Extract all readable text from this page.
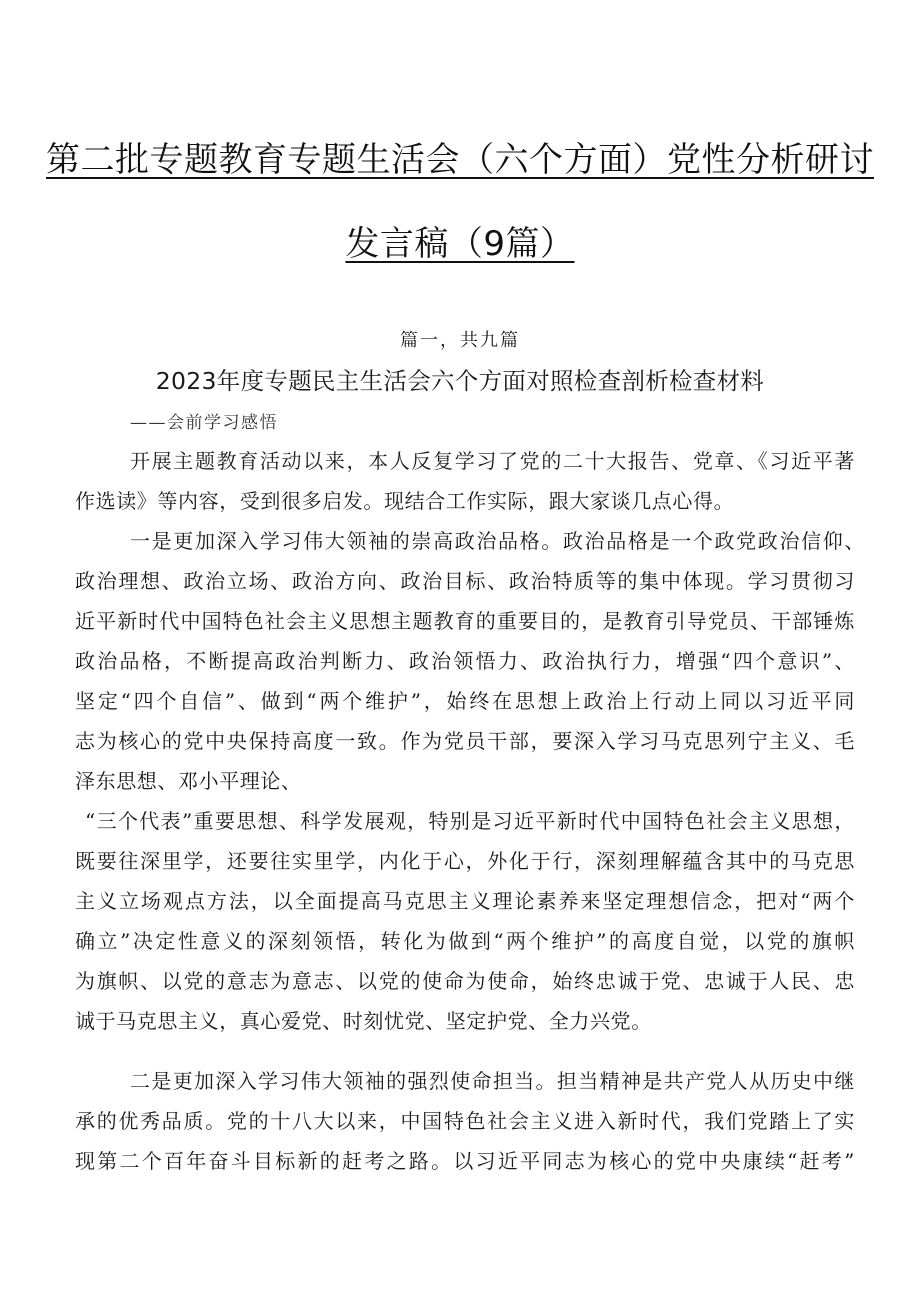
第二批专题教育专题生活会（六个方面）党性分析研讨
发言稿（9篇）
篇一，共九篇
2023年度专题民主生活会六个方面对照检查剖析检查材料
——会前学习感悟
开展主题教育活动以来，本人反复学习了党的二十大报告、党章、《习近平著
作选读》等内容，受到很多启发。现结合工作实际，跟大家谈几点心得。
一是更加深入学习伟大领袖的崇高政治品格。政治品格是一个政党政治信仰、
政治理想、政治立场、政治方向、政治目标、政治特质等的集中体现。学习贯彻习
近平新时代中国特色社会主义思想主题教育的重要目的，是教育引导党员、干部锤炼
政治品格，不断提高政治判断力、政治领悟力、政治执行力，增强“四个意识”、
坚定“四个自信”、做到“两个维护”，始终在思想上政治上行动上同以习近平同
志为核心的党中央保持高度一致。作为党员干部，要深入学习马克思列宁主义、毛
泽东思想、邓小平理论、
“三个代表”重要思想、科学发展观，特别是习近平新时代中国特色社会主义思想，
既要往深里学，还要往实里学，内化于心，外化于行，深刻理解蕴含其中的马克思
主义立场观点方法，以全面提高马克思主义理论素养来坚定理想信念，把对“两个
确立”决定性意义的深刻领悟，转化为做到“两个维护”的高度自觉，以党的旗帜
为旗帜、以党的意志为意志、以党的使命为使命，始终忠诚于党、忠诚于人民、忠
诚于马克思主义，真心爱党、时刻忧党、坚定护党、全力兴党。
二是更加深入学习伟大领袖的强烈使命担当。担当精神是共产党人从历史中继
承的优秀品质。党的十八大以来，中国特色社会主义进入新时代，我们党踏上了实
现第二个百年奋斗目标新的赶考之路。以习近平同志为核心的党中央康续“赶考”
